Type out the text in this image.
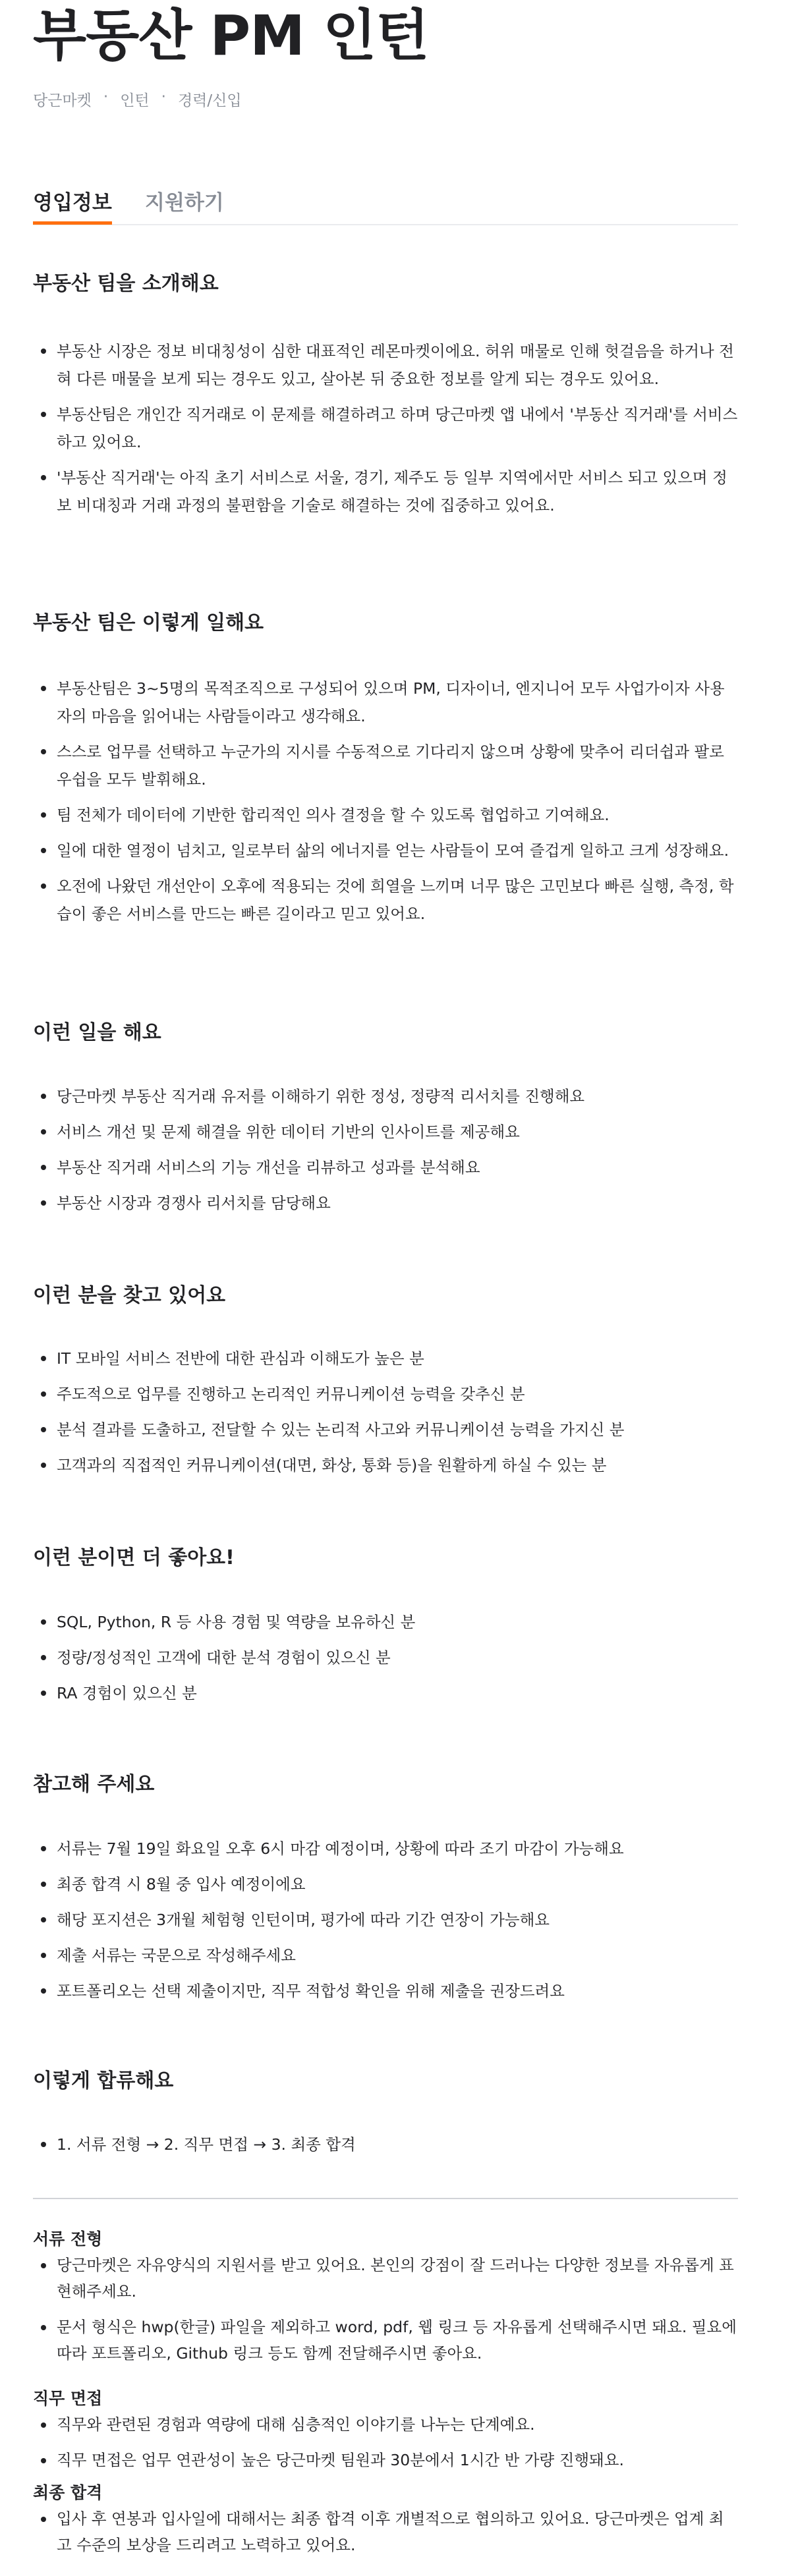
부동산 PM 인턴
당근마켓 · 인턴 · 경력/신입
영입정보 지원하기
부동산 팀을 소개해요
부동산 시장은 정보 비대칭성이 심한 대표적인 레몬마켓이에요. 허위 매물로 인해 헛걸음을 하거나 전혀 다른 매물을 보게 되는 경우도 있고, 살아본 뒤 중요한 정보를 알게 되는 경우도 있어요.
부동산팀은 개인간 직거래로 이 문제를 해결하려고 하며 당근마켓 앱 내에서 '부동산 직거래'를 서비스하고 있어요.
'부동산 직거래'는 아직 초기 서비스로 서울, 경기, 제주도 등 일부 지역에서만 서비스 되고 있으며 정보 비대칭과 거래 과정의 불편함을 기술로 해결하는 것에 집중하고 있어요.
부동산 팀은 이렇게 일해요
부동산팀은 3~5명의 목적조직으로 구성되어 있으며 PM, 디자이너, 엔지니어 모두 사업가이자 사용자의 마음을 읽어내는 사람들이라고 생각해요.
스스로 업무를 선택하고 누군가의 지시를 수동적으로 기다리지 않으며 상황에 맞추어 리더쉽과 팔로우쉽을 모두 발휘해요.
팀 전체가 데이터에 기반한 합리적인 의사 결정을 할 수 있도록 협업하고 기여해요.
일에 대한 열정이 넘치고, 일로부터 삶의 에너지를 얻는 사람들이 모여 즐겁게 일하고 크게 성장해요.
오전에 나왔던 개선안이 오후에 적용되는 것에 희열을 느끼며 너무 많은 고민보다 빠른 실행, 측정, 학습이 좋은 서비스를 만드는 빠른 길이라고 믿고 있어요.
이런 일을 해요
당근마켓 부동산 직거래 유저를 이해하기 위한 정성, 정량적 리서치를 진행해요
서비스 개선 및 문제 해결을 위한 데이터 기반의 인사이트를 제공해요
부동산 직거래 서비스의 기능 개선을 리뷰하고 성과를 분석해요
부동산 시장과 경쟁사 리서치를 담당해요
이런 분을 찾고 있어요
IT 모바일 서비스 전반에 대한 관심과 이해도가 높은 분
주도적으로 업무를 진행하고 논리적인 커뮤니케이션 능력을 갖추신 분
분석 결과를 도출하고, 전달할 수 있는 논리적 사고와 커뮤니케이션 능력을 가지신 분
고객과의 직접적인 커뮤니케이션(대면, 화상, 통화 등)을 원활하게 하실 수 있는 분
이런 분이면 더 좋아요!
SQL, Python, R 등 사용 경험 및 역량을 보유하신 분
정량/정성적인 고객에 대한 분석 경험이 있으신 분
RA 경험이 있으신 분
참고해 주세요
서류는 7월 19일 화요일 오후 6시 마감 예정이며, 상황에 따라 조기 마감이 가능해요
최종 합격 시 8월 중 입사 예정이에요
해당 포지션은 3개월 체험형 인턴이며, 평가에 따라 기간 연장이 가능해요
제출 서류는 국문으로 작성해주세요
포트폴리오는 선택 제출이지만, 직무 적합성 확인을 위해 제출을 권장드려요
이렇게 합류해요
1. 서류 전형 → 2. 직무 면접 → 3. 최종 합격
서류 전형
당근마켓은 자유양식의 지원서를 받고 있어요. 본인의 강점이 잘 드러나는 다양한 정보를 자유롭게 표현해주세요.
문서 형식은 hwp(한글) 파일을 제외하고 word, pdf, 웹 링크 등 자유롭게 선택해주시면 돼요. 필요에 따라 포트폴리오, Github 링크 등도 함께 전달해주시면 좋아요.
직무 면접
직무와 관련된 경험과 역량에 대해 심층적인 이야기를 나누는 단계예요.
직무 면접은 업무 연관성이 높은 당근마켓 팀원과 30분에서 1시간 반 가량 진행돼요.
최종 합격
입사 후 연봉과 입사일에 대해서는 최종 합격 이후 개별적으로 협의하고 있어요. 당근마켓은 업계 최고 수준의 보상을 드리려고 노력하고 있어요.
